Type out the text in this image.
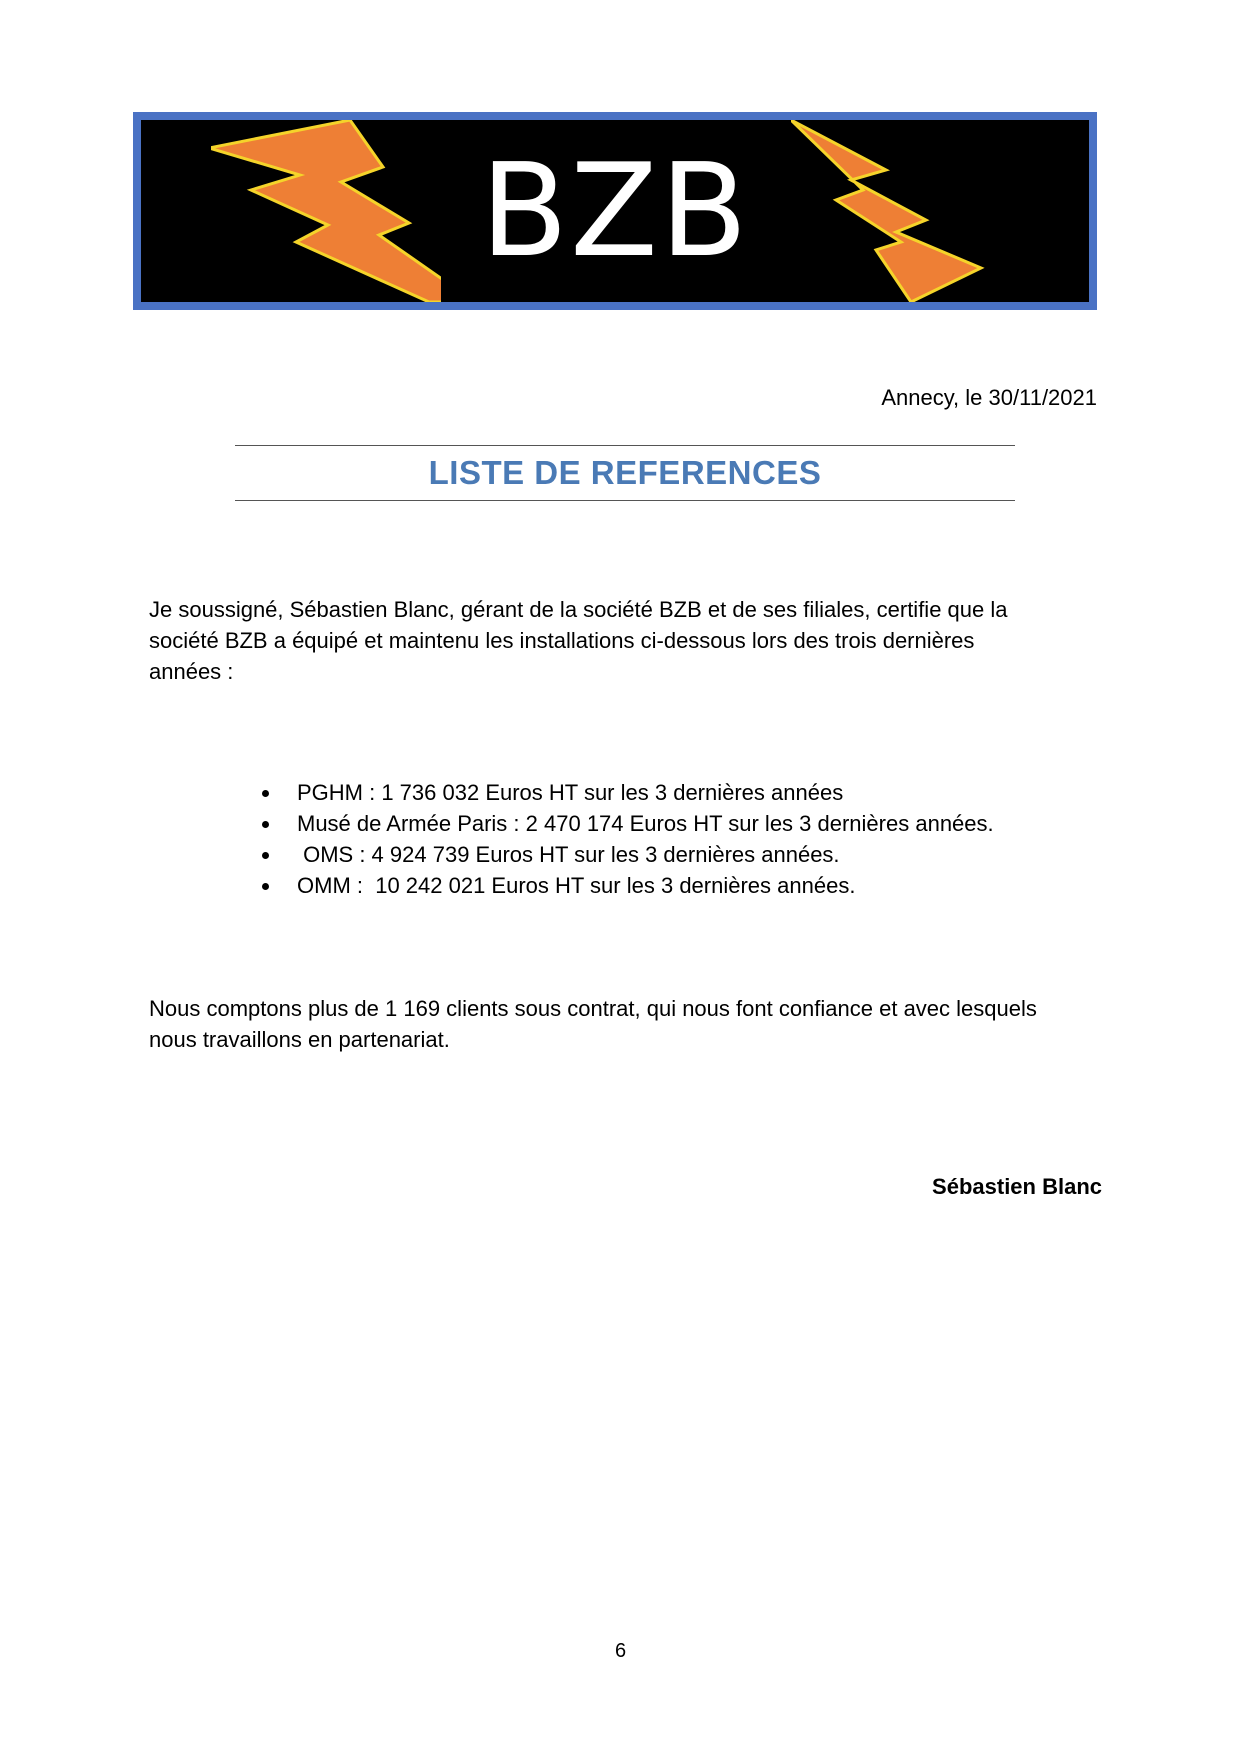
BZB
Annecy, le 30/11/2021
LISTE DE REFERENCES

Je soussigné, Sébastien Blanc, gérant de la société BZB et de ses filiales, certifie que la société BZB a équipé et maintenu les installations ci-dessous lors des trois dernières années :

PGHM : 1 736 032 Euros HT sur les 3 dernières années
Musé de Armée Paris : 2 470 174 Euros HT sur les 3 dernières années.
OMS : 4 924 739 Euros HT sur les 3 dernières années.
OMM :  10 242 021 Euros HT sur les 3 dernières années.

Nous comptons plus de 1 169 clients sous contrat, qui nous font confiance et avec lesquels nous travaillons en partenariat.

Sébastien Blanc
6
